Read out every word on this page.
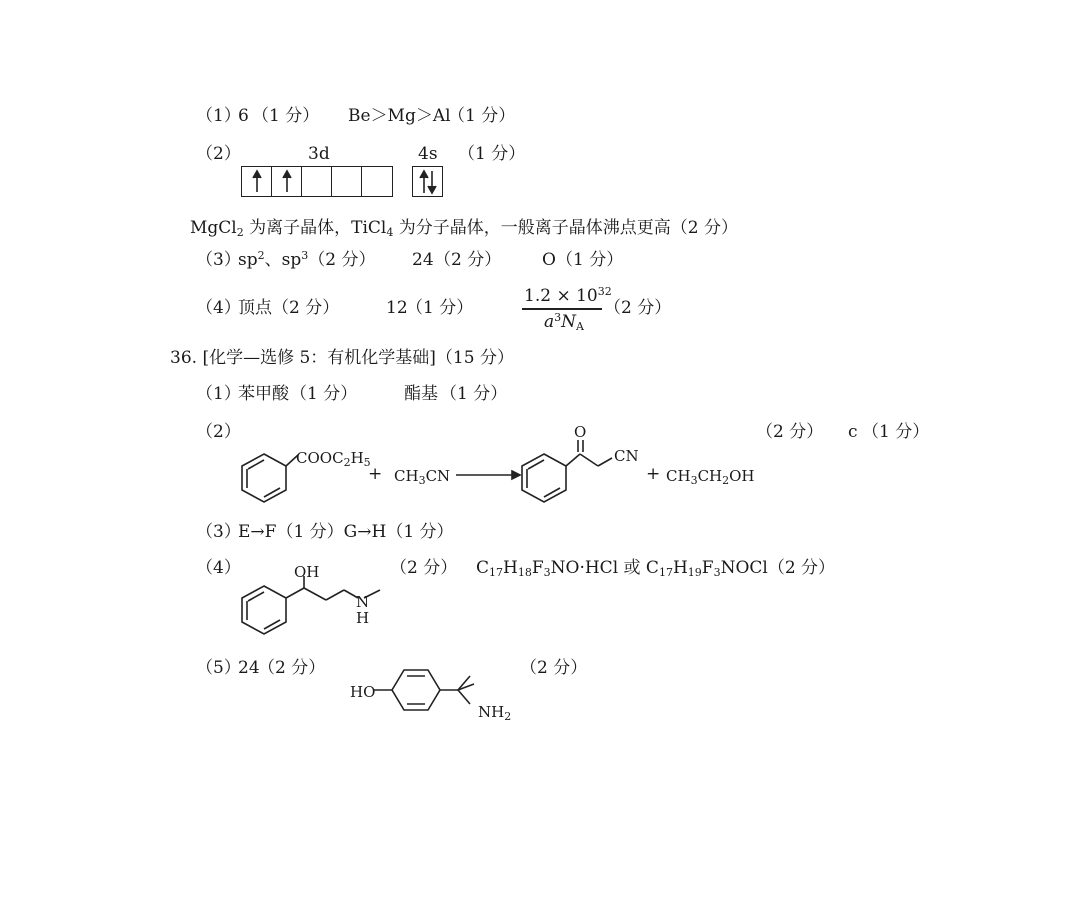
（1）
6 （1 分） Be＞Mg＞Al
（1 分）
（2）	3d	4s （1 分）
MgCl$_2$ 为离子晶体，TiCl$_4$ 为分子晶体，一般离子晶体沸点更高（2 分）
（3）
$sp^2$、$sp^3(2$ 分） 24 （2 分） O （1 分）
（4）
顶点 （2 分）	12
（1 分）
$1.2 \times 10^{32}$
$a^3N_A$
（2 分）
36. [化学—选修 5：有机化学基础]（15 分）
（1）
苯甲酸 （1 分）	酯基 （1 分）
（2）	（2 分） c （1 分）
$COOC_2H_5$
+ $CH_3CN$
O
CN
+ $CH_3CH_2OH$
（3）
E→F（1 分）G→H（1 分）
（4）	OH
N
H
（2 分） $C_{17}H_{18}F_3NO\cdot HCl$ 或 $C_{17}H_{19}F_3NOCl(2$ 分）
（5）
24
（2 分）	（2 分）
HO
$NH_2$
